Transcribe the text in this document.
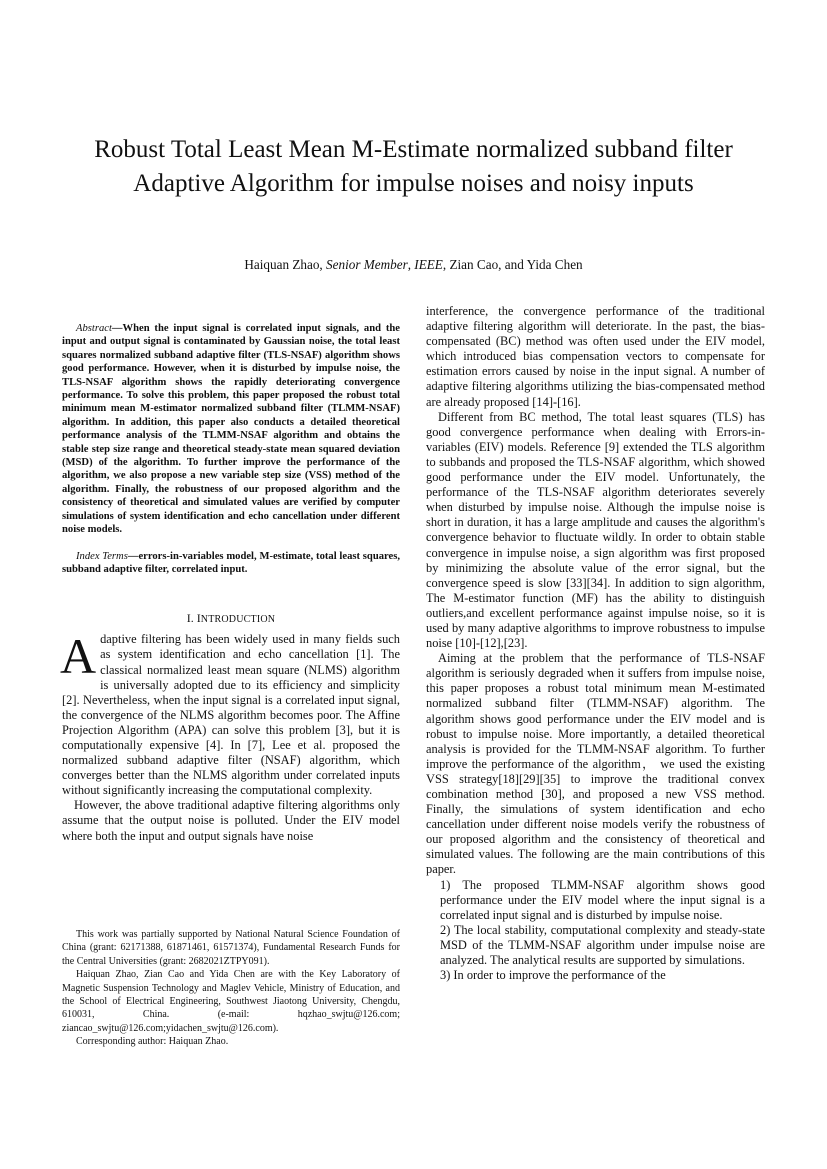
Robust Total Least Mean M-Estimate normalized subband filter Adaptive Algorithm for impulse noises and noisy inputs
Haiquan Zhao, Senior Member, IEEE, Zian Cao, and Yida Chen

Abstract—When the input signal is correlated input signals, and the input and output signal is contaminated by Gaussian noise, the total least squares normalized subband adaptive filter (TLS-NSAF) algorithm shows good performance. However, when it is disturbed by impulse noise, the TLS-NSAF algorithm shows the rapidly deteriorating convergence performance. To solve this problem, this paper proposed the robust total minimum mean M-estimator normalized subband filter (TLMM-NSAF) algorithm. In addition, this paper also conducts a detailed theoretical performance analysis of the TLMM-NSAF algorithm and obtains the stable step size range and theoretical steady-state mean squared deviation (MSD) of the algorithm. To further improve the performance of the algorithm, we also propose a new variable step size (VSS) method of the algorithm. Finally, the robustness of our proposed algorithm and the consistency of theoretical and simulated values are verified by computer simulations of system identification and echo cancellation under different noise models.

Index Terms—errors-in-variables model, M-estimate, total least squares, subband adaptive filter, correlated input.

I. INTRODUCTION
A daptive filtering has been widely used in many fields such as system identification and echo cancellation [1]. The classical normalized least mean square (NLMS) algorithm is universally adopted due to its efficiency and simplicity [2]. Nevertheless, when the input signal is a correlated input signal, the convergence of the NLMS algorithm becomes poor. The Affine Projection Algorithm (APA) can solve this problem [3], but it is computationally expensive [4]. In [7], Lee et al. proposed the normalized subband adaptive filter (NSAF) algorithm, which converges better than the NLMS algorithm under correlated inputs without significantly increasing the computational complexity.

However, the above traditional adaptive filtering algorithms only assume that the output noise is polluted. Under the EIV model where both the input and output signals have noise

This work was partially supported by National Natural Science Foundation of China (grant: 62171388, 61871461, 61571374), Fundamental Research Funds for the Central Universities (grant: 2682021ZTPY091).

Haiquan Zhao, Zian Cao and Yida Chen are with the Key Laboratory of Magnetic Suspension Technology and Maglev Vehicle, Ministry of Education, and the School of Electrical Engineering, Southwest Jiaotong University, Chengdu, 610031, China. (e-mail: hqzhao_swjtu@126.com; ziancao_swjtu@126.com;yidachen_swjtu@126.com).

Corresponding author: Haiquan Zhao.

interference, the convergence performance of the traditional adaptive filtering algorithm will deteriorate. In the past, the bias-compensated (BC) method was often used under the EIV model, which introduced bias compensation vectors to compensate for estimation errors caused by noise in the input signal. A number of adaptive filtering algorithms utilizing the bias-compensated method are already proposed [14]-[16].

Different from BC method, The total least squares (TLS) has good convergence performance when dealing with Errors-in-variables (EIV) models. Reference [9] extended the TLS algorithm to subbands and proposed the TLS-NSAF algorithm, which showed good performance under the EIV model. Unfortunately, the performance of the TLS-NSAF algorithm deteriorates severely when disturbed by impulse noise. Although the impulse noise is short in duration, it has a large amplitude and causes the algorithm's convergence behavior to fluctuate wildly. In order to obtain stable convergence in impulse noise, a sign algorithm was first proposed by minimizing the absolute value of the error signal, but the convergence speed is slow [33][34]. In addition to sign algorithm, The M-estimator function (MF) has the ability to distinguish outliers,and excellent performance against impulse noise, so it is used by many adaptive algorithms to improve robustness to impulse noise [10]-[12],[23].

Aiming at the problem that the performance of TLS-NSAF algorithm is seriously degraded when it suffers from impulse noise, this paper proposes a robust total minimum mean M-estimated normalized subband filter (TLMM-NSAF) algorithm. The algorithm shows good performance under the EIV model and is robust to impulse noise. More importantly, a detailed theoretical analysis is provided for the TLMM-NSAF algorithm. To further improve the performance of the algorithm， we used the existing VSS strategy[18][29][35] to improve the traditional convex combination method [30], and proposed a new VSS method. Finally, the simulations of system identification and echo cancellation under different noise models verify the robustness of our proposed algorithm and the consistency of theoretical and simulated values. The following are the main contributions of this paper.

1) The proposed TLMM-NSAF algorithm shows good performance under the EIV model where the input signal is a correlated input signal and is disturbed by impulse noise.

2) The local stability, computational complexity and steady-state MSD of the TLMM-NSAF algorithm under impulse noise are analyzed. The analytical results are supported by simulations.

3) In order to improve the performance of the
